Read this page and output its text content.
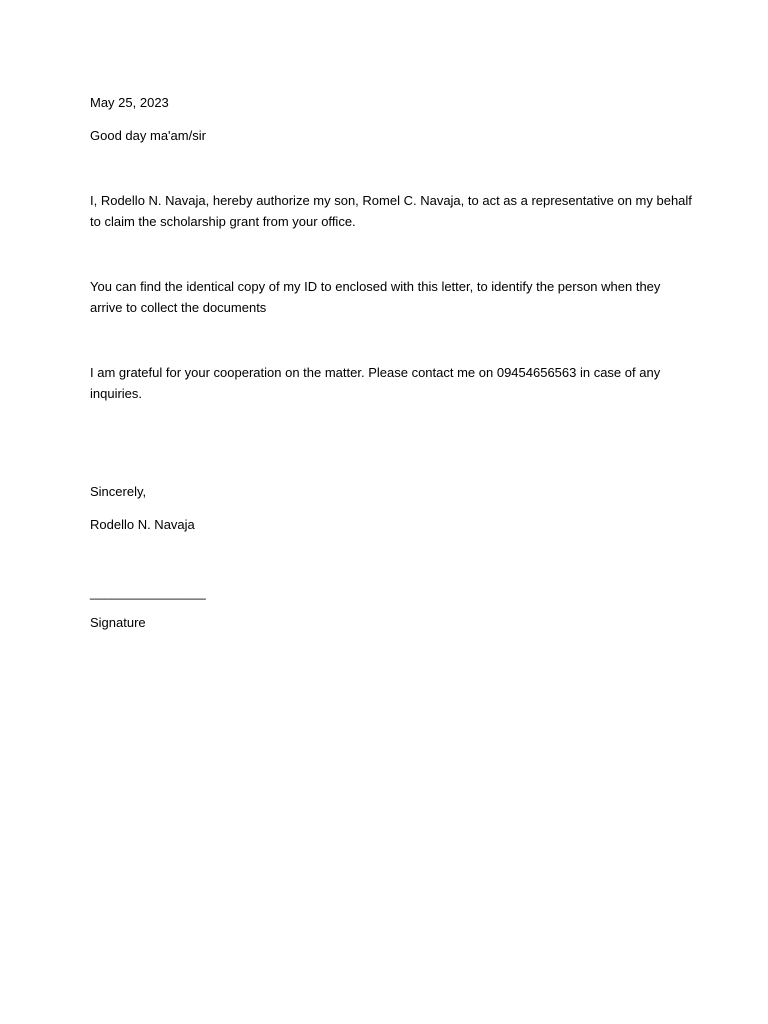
May 25, 2023

Good day ma'am/sir

I, Rodello N. Navaja, hereby authorize my son, Romel C. Navaja, to act as a representative on my behalf
to claim the scholarship grant from your office.
You can find the identical copy of my ID to enclosed with this letter, to identify the person when they
arrive to collect the documents
I am grateful for your cooperation on the matter. Please contact me on 09454656563 in case of any
inquiries.

Sincerely,

Rodello N. Navaja

________________

Signature
